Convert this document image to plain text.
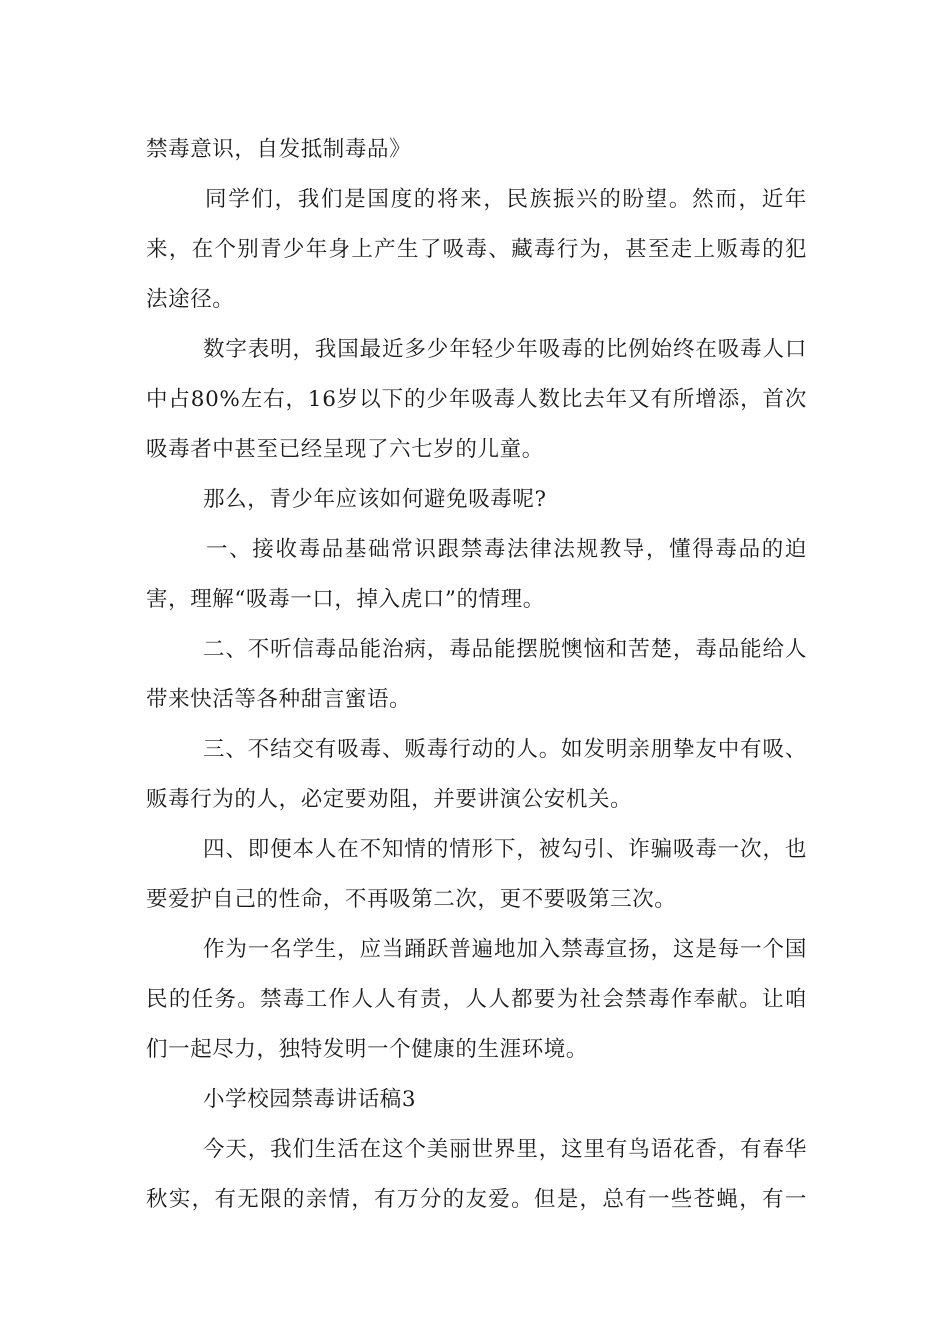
禁毒意识，自发抵制毒品》
同学们，我们是国度的将来，民族振兴的盼望。然而，近年
来，在个别青少年身上产生了吸毒、藏毒行为，甚至走上贩毒的犯
法途径。
数字表明，我国最近多少年轻少年吸毒的比例始终在吸毒人口
中占80%左右，16岁以下的少年吸毒人数比去年又有所增添，首次
吸毒者中甚至已经呈现了六七岁的儿童。
那么，青少年应该如何避免吸毒呢?
一、接收毒品基础常识跟禁毒法律法规教导，懂得毒品的迫
害，理解“吸毒一口，掉入虎口”的情理。
二、不听信毒品能治病，毒品能摆脱懊恼和苦楚，毒品能给人
带来快活等各种甜言蜜语。
三、不结交有吸毒、贩毒行动的人。如发明亲朋挚友中有吸、
贩毒行为的人，必定要劝阻，并要讲演公安机关。
四、即便本人在不知情的情形下，被勾引、诈骗吸毒一次，也
要爱护自己的性命，不再吸第二次，更不要吸第三次。
作为一名学生，应当踊跃普遍地加入禁毒宣扬，这是每一个国
民的任务。禁毒工作人人有责，人人都要为社会禁毒作奉献。让咱
们一起尽力，独特发明一个健康的生涯环境。
小学校园禁毒讲话稿3
今天，我们生活在这个美丽世界里，这里有鸟语花香，有春华
秋实，有无限的亲情，有万分的友爱。但是，总有一些苍蝇，有一
